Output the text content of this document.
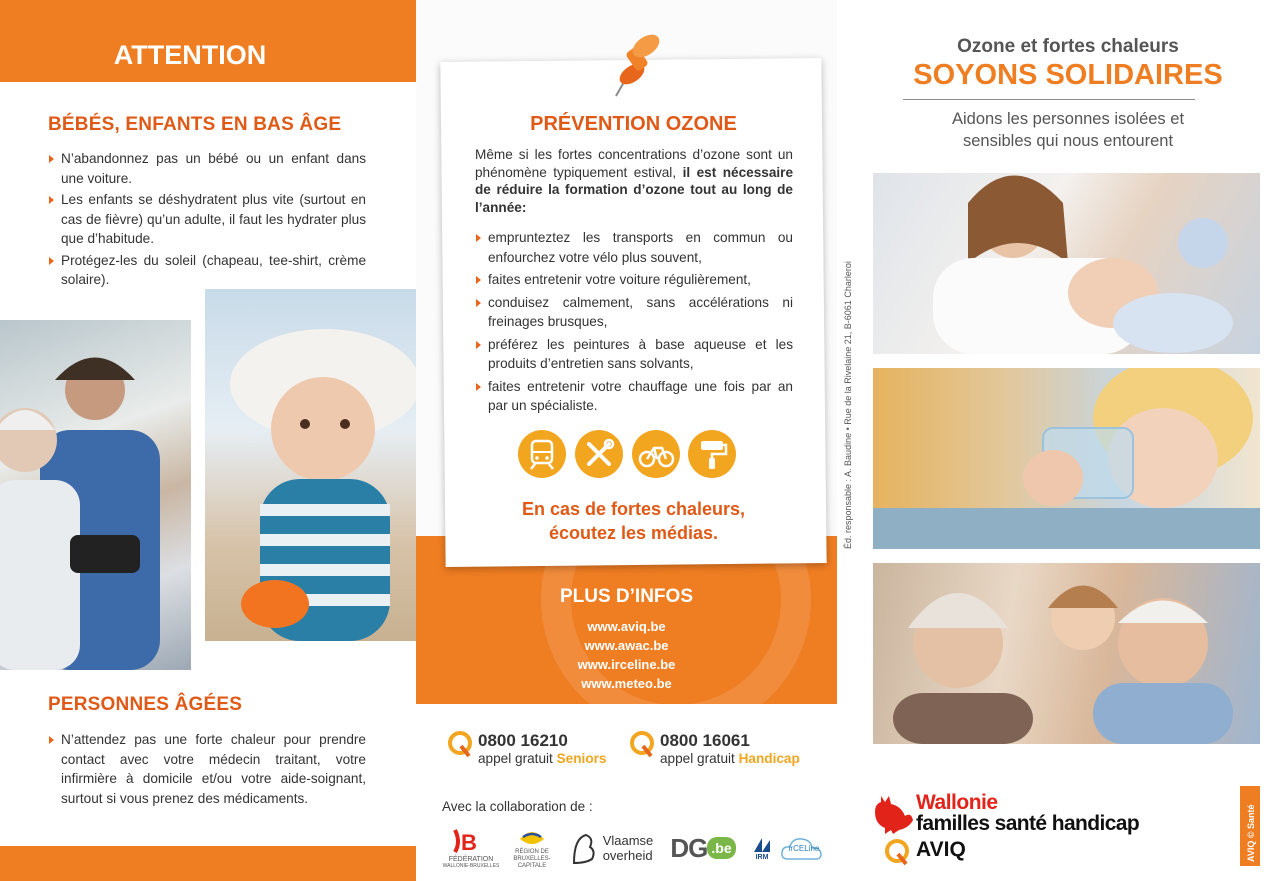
ATTENTION
BÉBÉS, ENFANTS EN BAS ÂGE
N’abandonnez pas un bébé ou un enfant dans une voiture.
Les enfants se déshydratent plus vite (surtout en cas de fièvre) qu’un adulte, il faut les hydrater plus que d’habitude.
Protégez-les du soleil (chapeau, tee-shirt, crème solaire).
PERSONNES ÂGÉES
N’attendez pas une forte chaleur pour prendre contact avec votre médecin traitant, votre infirmière à domicile et/ou votre aide-soignant, surtout si vous prenez des médicaments.
PRÉVENTION OZONE
Même si les fortes concentrations d’ozone sont un phénomène typiquement estival, il est nécessaire de réduire la formation d’ozone tout au long de l’année:
emprunteztez les transports en commun ou enfourchez votre vélo plus souvent,
faites entretenir votre voiture régulièrement,
conduisez calmement, sans accélérations ni freinages brusques,
préférez les peintures à base aqueuse et les produits d’entretien sans solvants,
faites entretenir votre chauffage une fois par an par un spécialiste.
En cas de fortes chaleurs,
écoutez les médias.
PLUS D’INFOS
www.aviq.be
www.awac.be
www.irceline.be
www.meteo.be
0800 16210
appel gratuit Seniors
0800 16061
appel gratuit Handicap
Avec la collaboration de :
B
FÉDÉRATION
WALLONIE-BRUXELLES
RÉGION DE BRUXELLES-CAPITALE
Vlaamse
overheid DG .be
IRM
irCELine
Éd. responsable : A. Baudine • Rue de la Rivelaine 21, B-6061 Charleroi
Ozone et fortes chaleurs
SOYONS SOLIDAIRES
Aidons les personnes isolées et
sensibles qui nous entourent
Wallonie
familles santé handicap
AVIQ	AVIQ © Santé
